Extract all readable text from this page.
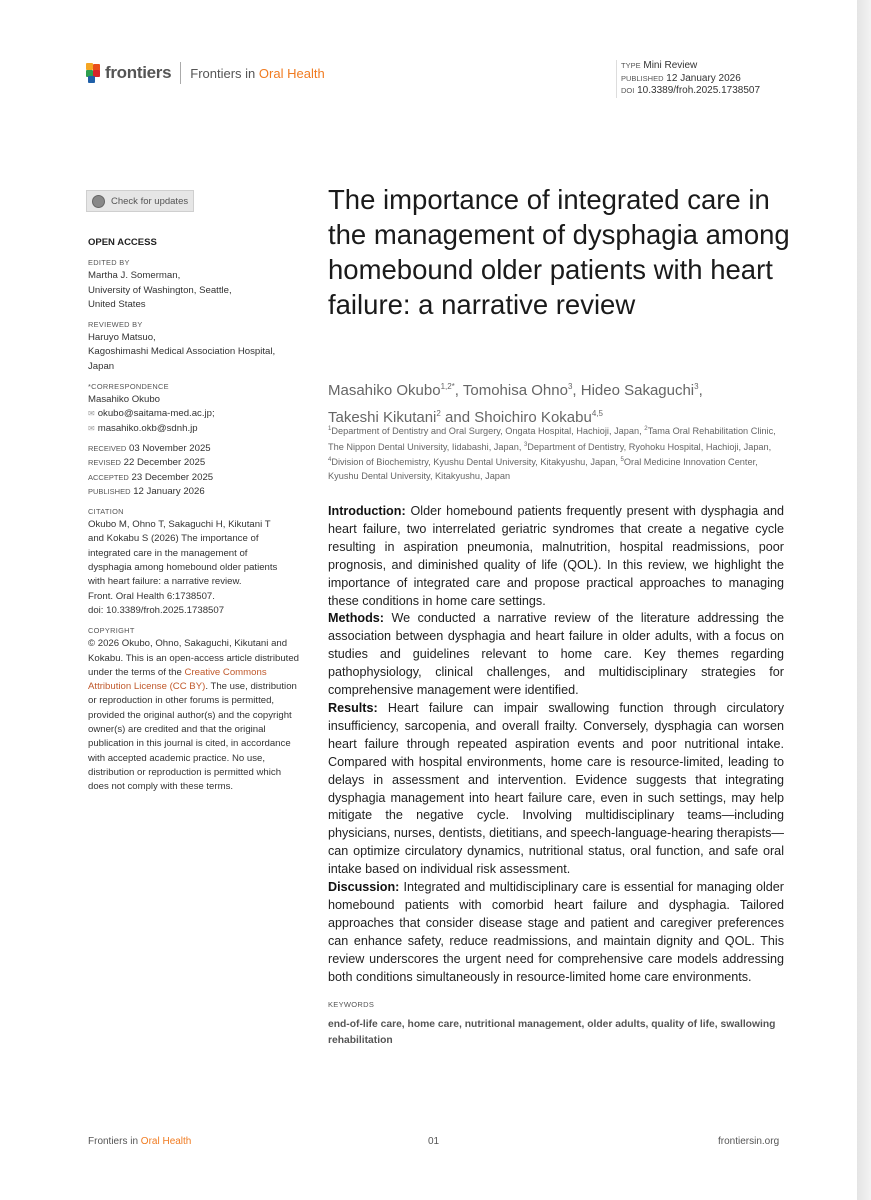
frontiers Frontiers in Oral Health	TYPE Mini Review
PUBLISHED 12 January 2026
DOI 10.3389/froh.2025.1738507
Check for updates
OPEN ACCESS
EDITED BY
Martha J. Somerman,
University of Washington, Seattle,
United States
REVIEWED BY
Haruyo Matsuo,
Kagoshimashi Medical Association Hospital,
Japan
*CORRESPONDENCE
Masahiko Okubo
✉ okubo@saitama-med.ac.jp;
✉ masahiko.okb@sdnh.jp
RECEIVED 03 November 2025
REVISED 22 December 2025
ACCEPTED 23 December 2025
PUBLISHED 12 January 2026
CITATION
Okubo M, Ohno T, Sakaguchi H, Kikutani T
and Kokabu S (2026) The importance of
integrated care in the management of
dysphagia among homebound older patients
with heart failure: a narrative review.
Front. Oral Health 6:1738507.
doi: 10.3389/froh.2025.1738507
COPYRIGHT
© 2026 Okubo, Ohno, Sakaguchi, Kikutani and Kokabu. This is an open-access article distributed under the terms of the Creative Commons Attribution License (CC BY). The use, distribution or reproduction in other forums is permitted, provided the original author(s) and the copyright owner(s) are credited and that the original publication in this journal is cited, in accordance with accepted academic practice. No use, distribution or reproduction is permitted which does not comply with these terms.
The importance of integrated care in the management of dysphagia among homebound older patients with heart failure: a narrative review
Masahiko Okubo$^{1,2*}$, Tomohisa Ohno$^3$, Hideo Sakaguchi$^3$,
Takeshi Kikutani$^2$ and Shoichiro Kokabu$^{4,5}$
$^1$Department of Dentistry and Oral Surgery, Ongata Hospital, Hachioji, Japan, $^2$Tama Oral Rehabilitation Clinic, The Nippon Dental University, Iidabashi, Japan, $^3$Department of Dentistry, Ryohoku Hospital, Hachioji, Japan, $^4$Division of Biochemistry, Kyushu Dental University, Kitakyushu, Japan, $^5$Oral Medicine Innovation Center, Kyushu Dental University, Kitakyushu, Japan

Introduction: Older homebound patients frequently present with dysphagia and heart failure, two interrelated geriatric syndromes that create a negative cycle resulting in aspiration pneumonia, malnutrition, hospital readmissions, poor prognosis, and diminished quality of life (QOL). In this review, we highlight the importance of integrated care and propose practical approaches to managing these conditions in home care settings.

Methods: We conducted a narrative review of the literature addressing the association between dysphagia and heart failure in older adults, with a focus on studies and guidelines relevant to home care. Key themes regarding pathophysiology, clinical challenges, and multidisciplinary strategies for comprehensive management were identified.

Results: Heart failure can impair swallowing function through circulatory insufficiency, sarcopenia, and overall frailty. Conversely, dysphagia can worsen heart failure through repeated aspiration events and poor nutritional intake. Compared with hospital environments, home care is resource-limited, leading to delays in assessment and intervention. Evidence suggests that integrating dysphagia management into heart failure care, even in such settings, may help mitigate the negative cycle. Involving multidisciplinary teams—including physicians, nurses, dentists, dietitians, and speech-language-hearing therapists—can optimize circulatory dynamics, nutritional status, oral function, and safe oral intake based on individual risk assessment.

Discussion: Integrated and multidisciplinary care is essential for managing older homebound patients with comorbid heart failure and dysphagia. Tailored approaches that consider disease stage and patient and caregiver preferences can enhance safety, reduce readmissions, and maintain dignity and QOL. This review underscores the urgent need for comprehensive care models addressing both conditions simultaneously in resource-limited home care environments.

KEYWORDS
end-of-life care, home care, nutritional management, older adults, quality of life, swallowing rehabilitation
Frontiers in Oral Health	01	frontiersin.org
